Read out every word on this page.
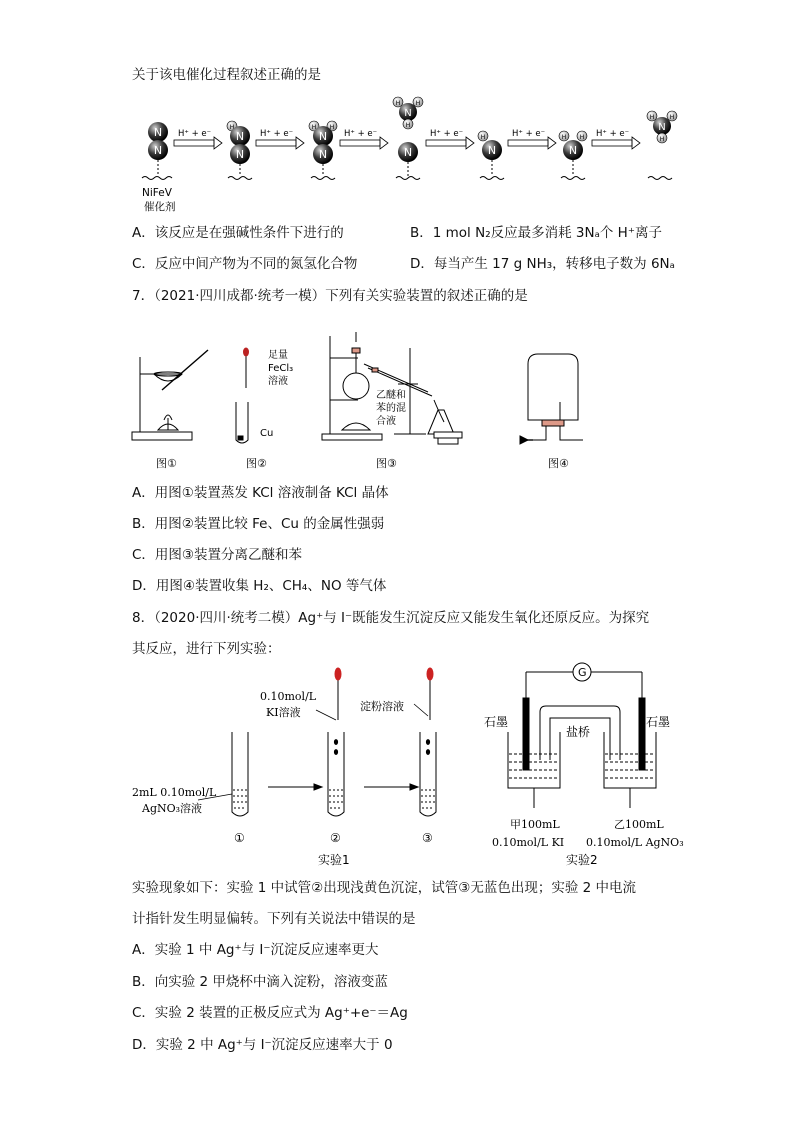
关于该电催化过程叙述正确的是
N
N
NiFeV
催化剂
H⁺ + e⁻
H
N
N
H⁺ + e⁻
H H
N
N
H⁺ + e⁻
N
H	H
H
N
H⁺ + e⁻	H
N
H⁺ + e⁻	H H
N
H⁺ + e⁻
N
H	H
H
A．该反应是在强碱性条件下进行的	B．1 mol N₂反应最多消耗 3Nₐ个 H⁺离子
C．反应中间产物为不同的氮氢化合物	D．每当产生 17 g NH₃，转移电子数为 6Nₐ
7．（2021·四川成都·统考一模）下列有关实验装置的叙述正确的是
图①
足量
FeCl₃
溶液
Cu
图②
乙醚和
苯的混
合液
图③	图④
A．用图①装置蒸发 KCl 溶液制备 KCl 晶体
B．用图②装置比较 Fe、Cu 的金属性强弱
C．用图③装置分离乙醚和苯
D．用图④装置收集 H₂、CH₄、NO 等气体
8．（2020·四川·统考二模）Ag⁺与 I⁻既能发生沉淀反应又能发生氧化还原反应。为探究
其反应，进行下列实验：
2mL 0.10mol/L
AgNO₃溶液
①
0.10mol/L
KI溶液
②
淀粉溶液
③
实验1
G
石墨	石墨
盐桥
甲100mL
0.10mol/L KI
乙100mL
0.10mol/L AgNO₃
实验2
实验现象如下：实验 1 中试管②出现浅黄色沉淀，试管③无蓝色出现；实验 2 中电流
计指针发生明显偏转。下列有关说法中错误的是
A．实验 1 中 Ag⁺与 I⁻沉淀反应速率更大
B．向实验 2 甲烧杯中滴入淀粉，溶液变蓝
C．实验 2 装置的正极反应式为 Ag⁺+e⁻＝Ag
D．实验 2 中 Ag⁺与 I⁻沉淀反应速率大于 0
